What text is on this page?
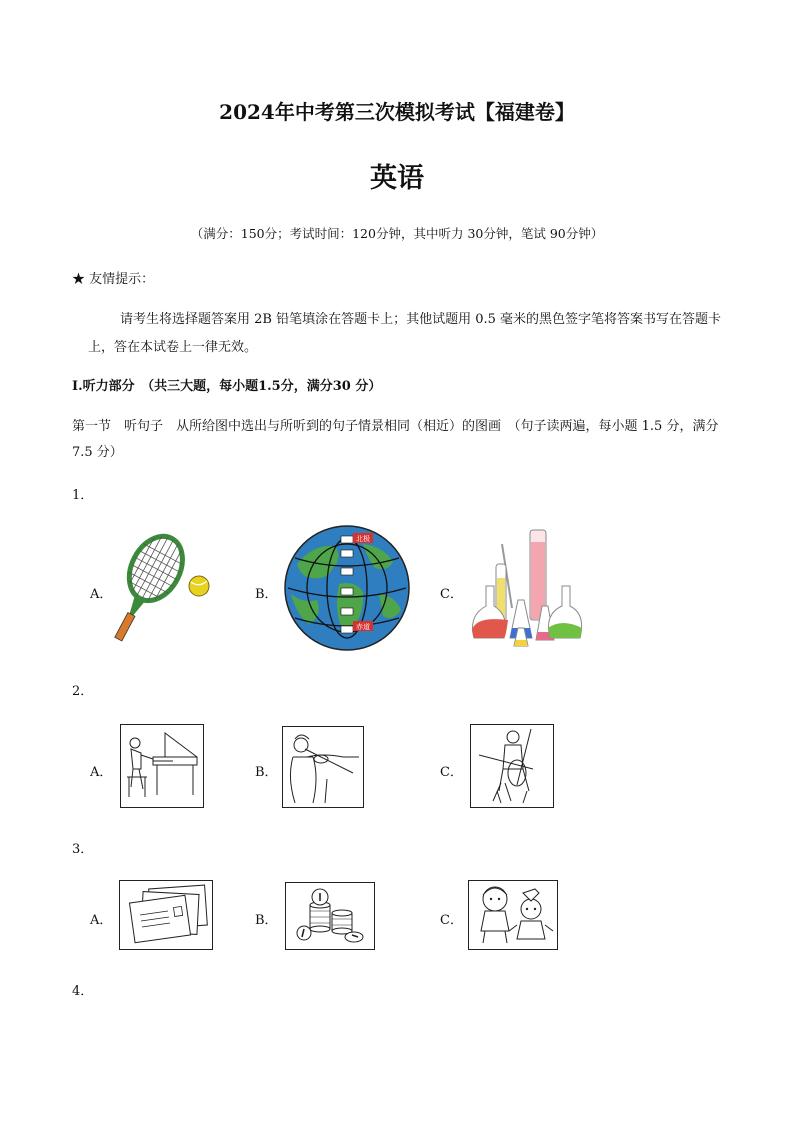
2024年中考第三次模拟考试【福建卷】
英语
（满分：150分；考试时间：120分钟，其中听力 30分钟，笔试 90分钟）
★ 友情提示：
请考生将选择题答案用 2B 铅笔填涂在答题卡上；其他试题用 0.5 毫米的黑色签字笔将答案书写在答题卡上，答在本试卷上一律无效。
I.听力部分　（共三大题，每小题1.5分，满分30 分）
第一节　听句子　从所给图中选出与所听到的句子情景相同（相近）的图画　（句子读两遍，每小题 1.5 分，满分 7.5 分）
1．
A．	B．
北极
赤道
C．
2．
A．	B．	C．
3．
A．	B．	C．
4．
